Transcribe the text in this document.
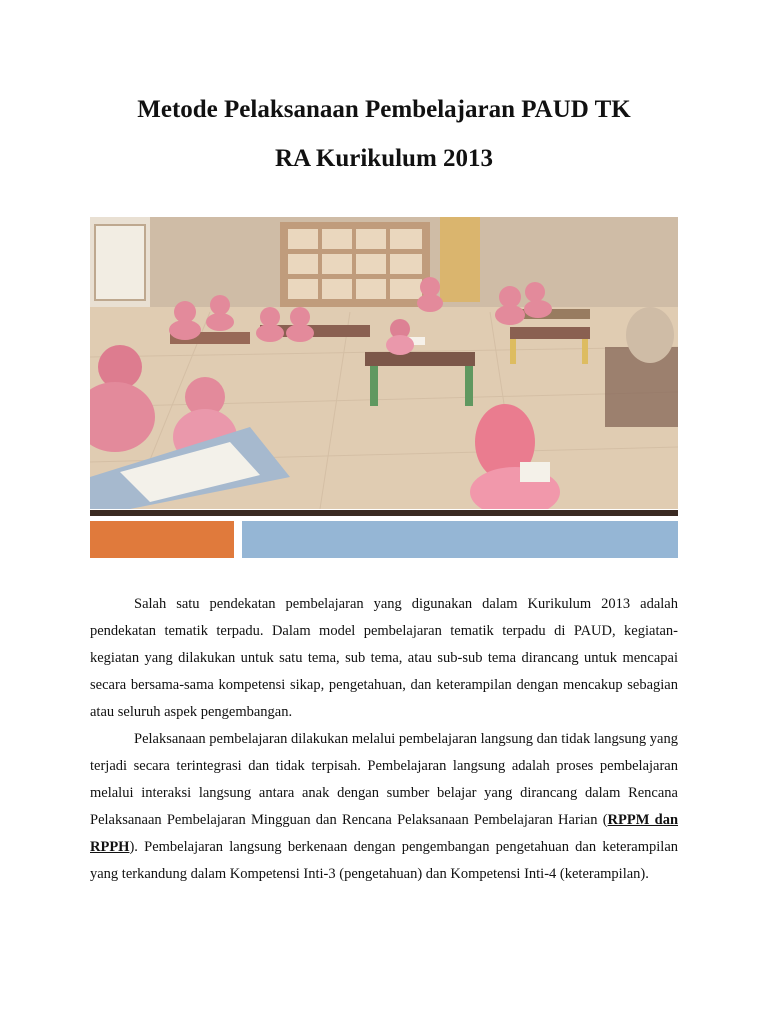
Metode Pelaksanaan Pembelajaran PAUD TK
RA Kurikulum 2013

Salah satu pendekatan pembelajaran yang digunakan dalam Kurikulum 2013 adalah pendekatan tematik terpadu. Dalam model pembelajaran tematik terpadu di PAUD, kegiatan-kegiatan yang dilakukan untuk satu tema, sub tema, atau sub-sub tema dirancang untuk mencapai secara bersama-sama kompetensi sikap, pengetahuan, dan keterampilan dengan mencakup sebagian atau seluruh aspek pengembangan.

Pelaksanaan pembelajaran dilakukan melalui pembelajaran langsung dan tidak langsung yang terjadi secara terintegrasi dan tidak terpisah. Pembelajaran langsung adalah proses pembelajaran melalui interaksi langsung antara anak dengan sumber belajar yang dirancang dalam Rencana Pelaksanaan Pembelajaran Mingguan dan Rencana Pelaksanaan Pembelajaran Harian (RPPM dan RPPH). Pembelajaran langsung berkenaan dengan pengembangan pengetahuan dan keterampilan yang terkandung dalam Kompetensi Inti-3 (pengetahuan) dan Kompetensi Inti-4 (keterampilan).
